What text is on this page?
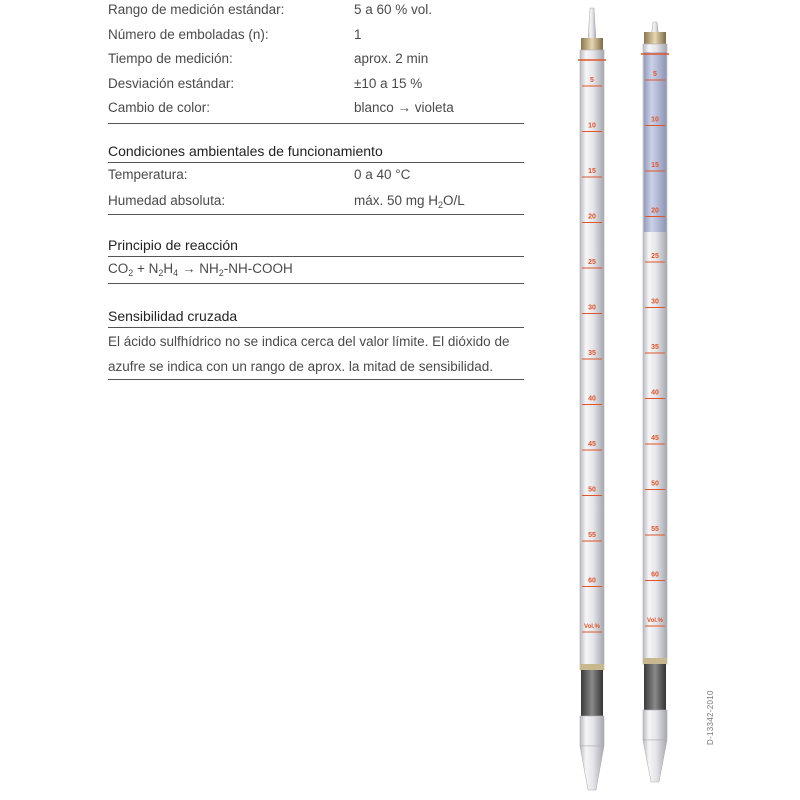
Rango de medición estándar:	5 a 60 % vol.
Número de emboladas (n):	1
Tiempo de medición:	aprox. 2 min
Desviación estándar:	±10 a 15 %
Cambio de color:	blanco → violeta
Condiciones ambientales de funcionamiento
Temperatura:	0 a 40 °C
Humedad absoluta:	máx. 50 mg $H_2O/L$
Principio de reacción
$CO_2 + N_2H_4$ → $NH_2-NH$-COOH
Sensibilidad cruzada
El ácido sulfhídrico no se indica cerca del valor límite. El dióxido de
azufre se indica con un rango de aprox. la mitad de sensibilidad.
5
10
15
20
25
30
35
40
45
50
55
60
Vol.%
5
10
15
20
25
30
35
40
45
50
55
60
Vol.%
D-13342-2010
